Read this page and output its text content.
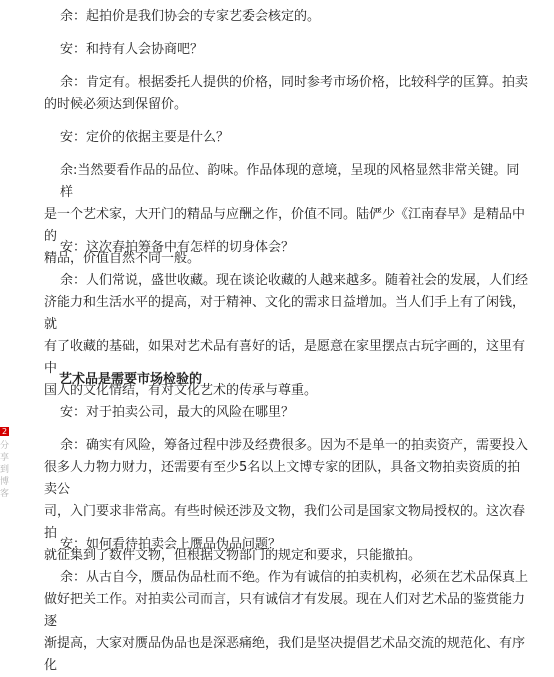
余：起拍价是我们协会的专家艺委会核定的。

安：和持有人会协商吧？

余：肯定有。根据委托人提供的价格，同时参考市场价格，比较科学的匡算。拍卖
的时候必须达到保留价。

安：定价的依据主要是什么？

余:当然要看作品的品位、韵味。作品体现的意境，呈现的风格显然非常关键。同样
是一个艺术家，大开门的精品与应酬之作，价值不同。陆俨少《江南春早》是精品中的
精品，价值自然不同一般。

安：这次春拍筹备中有怎样的切身体会？

余：人们常说，盛世收藏。现在谈论收藏的人越来越多。随着社会的发展，人们经
济能力和生活水平的提高，对于精神、文化的需求日益增加。当人们手上有了闲钱，就
有了收藏的基础，如果对艺术品有喜好的话，是愿意在家里摆点古玩字画的，这里有中
国人的文化情结，有对文化艺术的传承与尊重。

艺术品是需要市场检验的

安：对于拍卖公司，最大的风险在哪里？

余：确实有风险，筹备过程中涉及经费很多。因为不是单一的拍卖资产，需要投入
很多人力物力财力，还需要有至少5名以上文博专家的团队，具备文物拍卖资质的拍卖公
司，入门要求非常高。有些时候还涉及文物，我们公司是国家文物局授权的。这次春拍
就征集到了数件文物，但根据文物部门的规定和要求，只能撤拍。

安：如何看待拍卖会上赝品伪品问题？

余：从古自今，赝品伪品杜而不绝。作为有诚信的拍卖机构，必须在艺术品保真上
做好把关工作。对拍卖公司而言，只有诚信才有发展。现在人们对艺术品的鉴赏能力逐
渐提高，大家对赝品伪品也是深恶痛绝，我们是坚决提倡艺术品交流的规范化、有序化

2
分享到 博客
